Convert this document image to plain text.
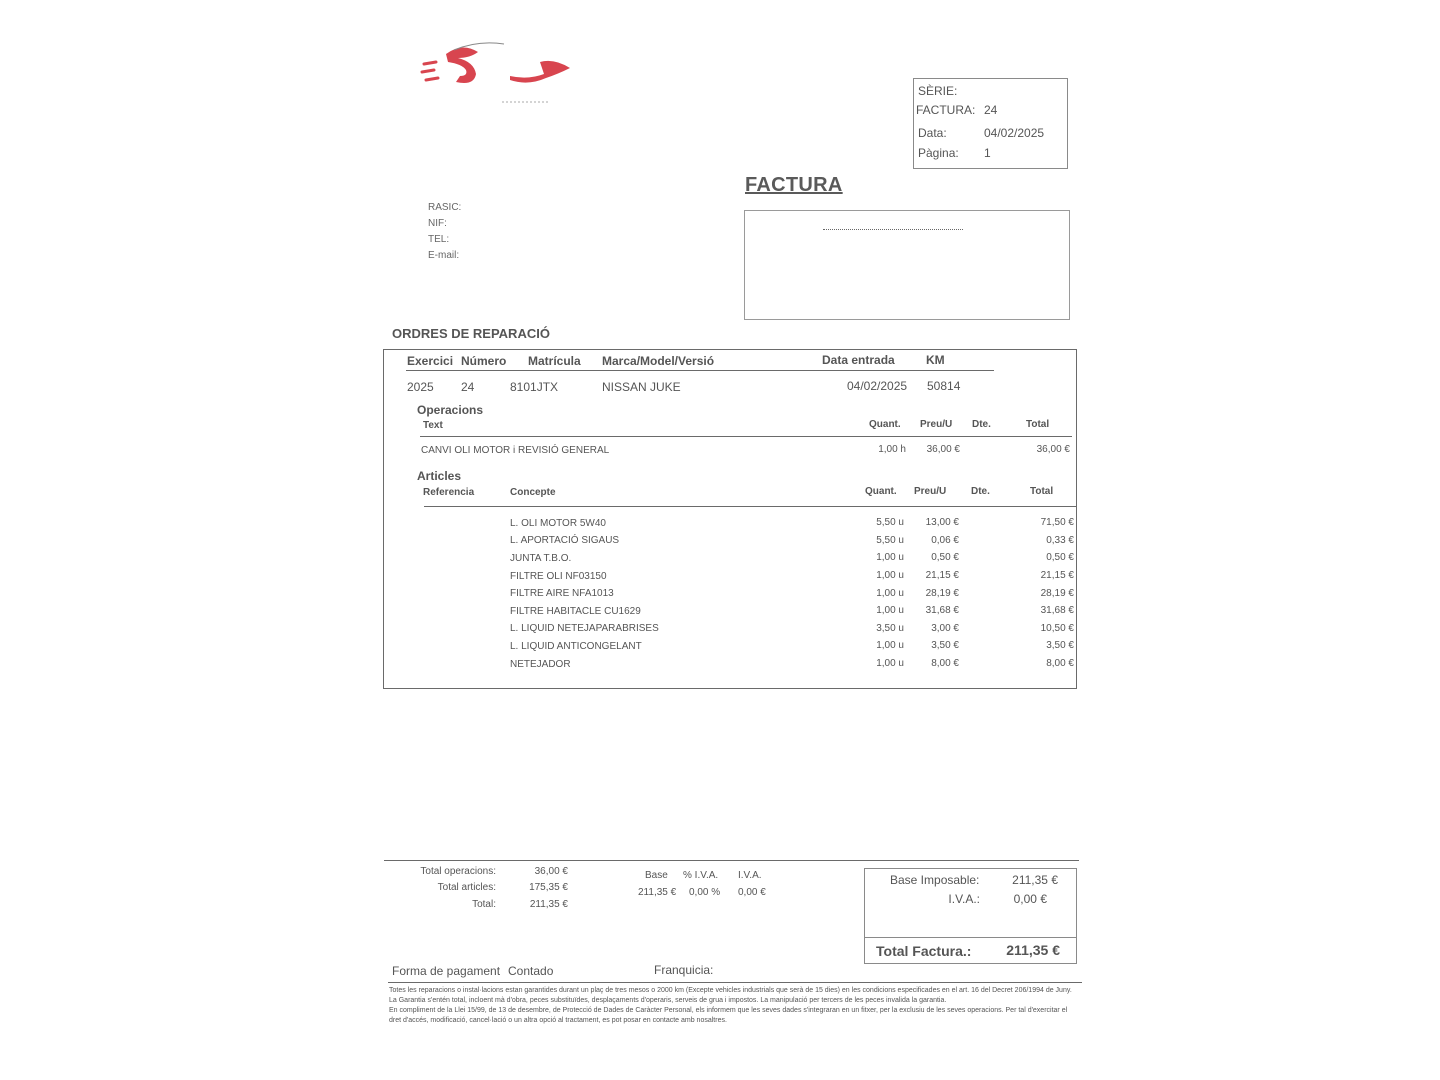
SÈRIE:
FACTURA: 24
Data:	04/02/2025
Pàgina: 1
FACTURA
RASIC:
NIF:
TEL:
E-mail:
ORDRES DE REPARACIÓ
Exercici Número Matrícula Marca/Model/Versió	Data entrada	KM
2025 24	8101JTX	NISSAN JUKE	04/02/2025 50814
Operacions
Text	Quant. Preu/U Dte.	Total
CANVI OLI MOTOR i REVISIÓ GENERAL	1,00 h	36,00 €	36,00 €
Articles
Referencia	Concepte	Quant. Preu/U Dte.	Total
L. OLI MOTOR 5W40	5,50 u	13,00 €	71,50 €
L. APORTACIÓ SIGAUS	5,50 u	0,06 €	0,33 €
JUNTA T.B.O.	1,00 u	0,50 €	0,50 €
FILTRE OLI NF03150	1,00 u	21,15 €	21,15 €
FILTRE AIRE NFA1013	1,00 u	28,19 €	28,19 €
FILTRE HABITACLE CU1629	1,00 u	31,68 €	31,68 €
L. LIQUID NETEJAPARABRISES	3,50 u	3,00 €	10,50 €
L. LIQUID ANTICONGELANT	1,00 u	3,50 €	3,50 €
NETEJADOR	1,00 u	8,00 €	8,00 €
Total operacions:	36,00 €
Total articles:	175,35 €
Total:	211,35 €
Base % I.V.A. I.V.A.
211,35 € 0,00 % 0,00 €
Base Imposable:	211,35 €
I.V.A.:	0,00 €
Total Factura.:	211,35 €
Forma de pagament Contado	Franquicia:
Totes les reparacions o instal·lacions estan garantides durant un plaç de tres mesos o 2000 km (Excepte vehicles industrials que serà de 15 dies) en les condicions especificades en el art. 16 del Decret 206/1994 de Juny. La Garantia s'entén total, incloent mà d'obra, peces substituïdes, desplaçaments d'operaris, serveis de grua i impostos. La manipulació per tercers de les peces invalida la garantia.
En compliment de la Llei 15/99, de 13 de desembre, de Protecció de Dades de Caràcter Personal, els informem que les seves dades s'integraran en un fitxer, per la exclusiu de les seves operacions. Per tal d'exercitar el dret d'accés, modificació, cancel·lació o un altra opció al tractament, es pot posar en contacte amb nosaltres.
